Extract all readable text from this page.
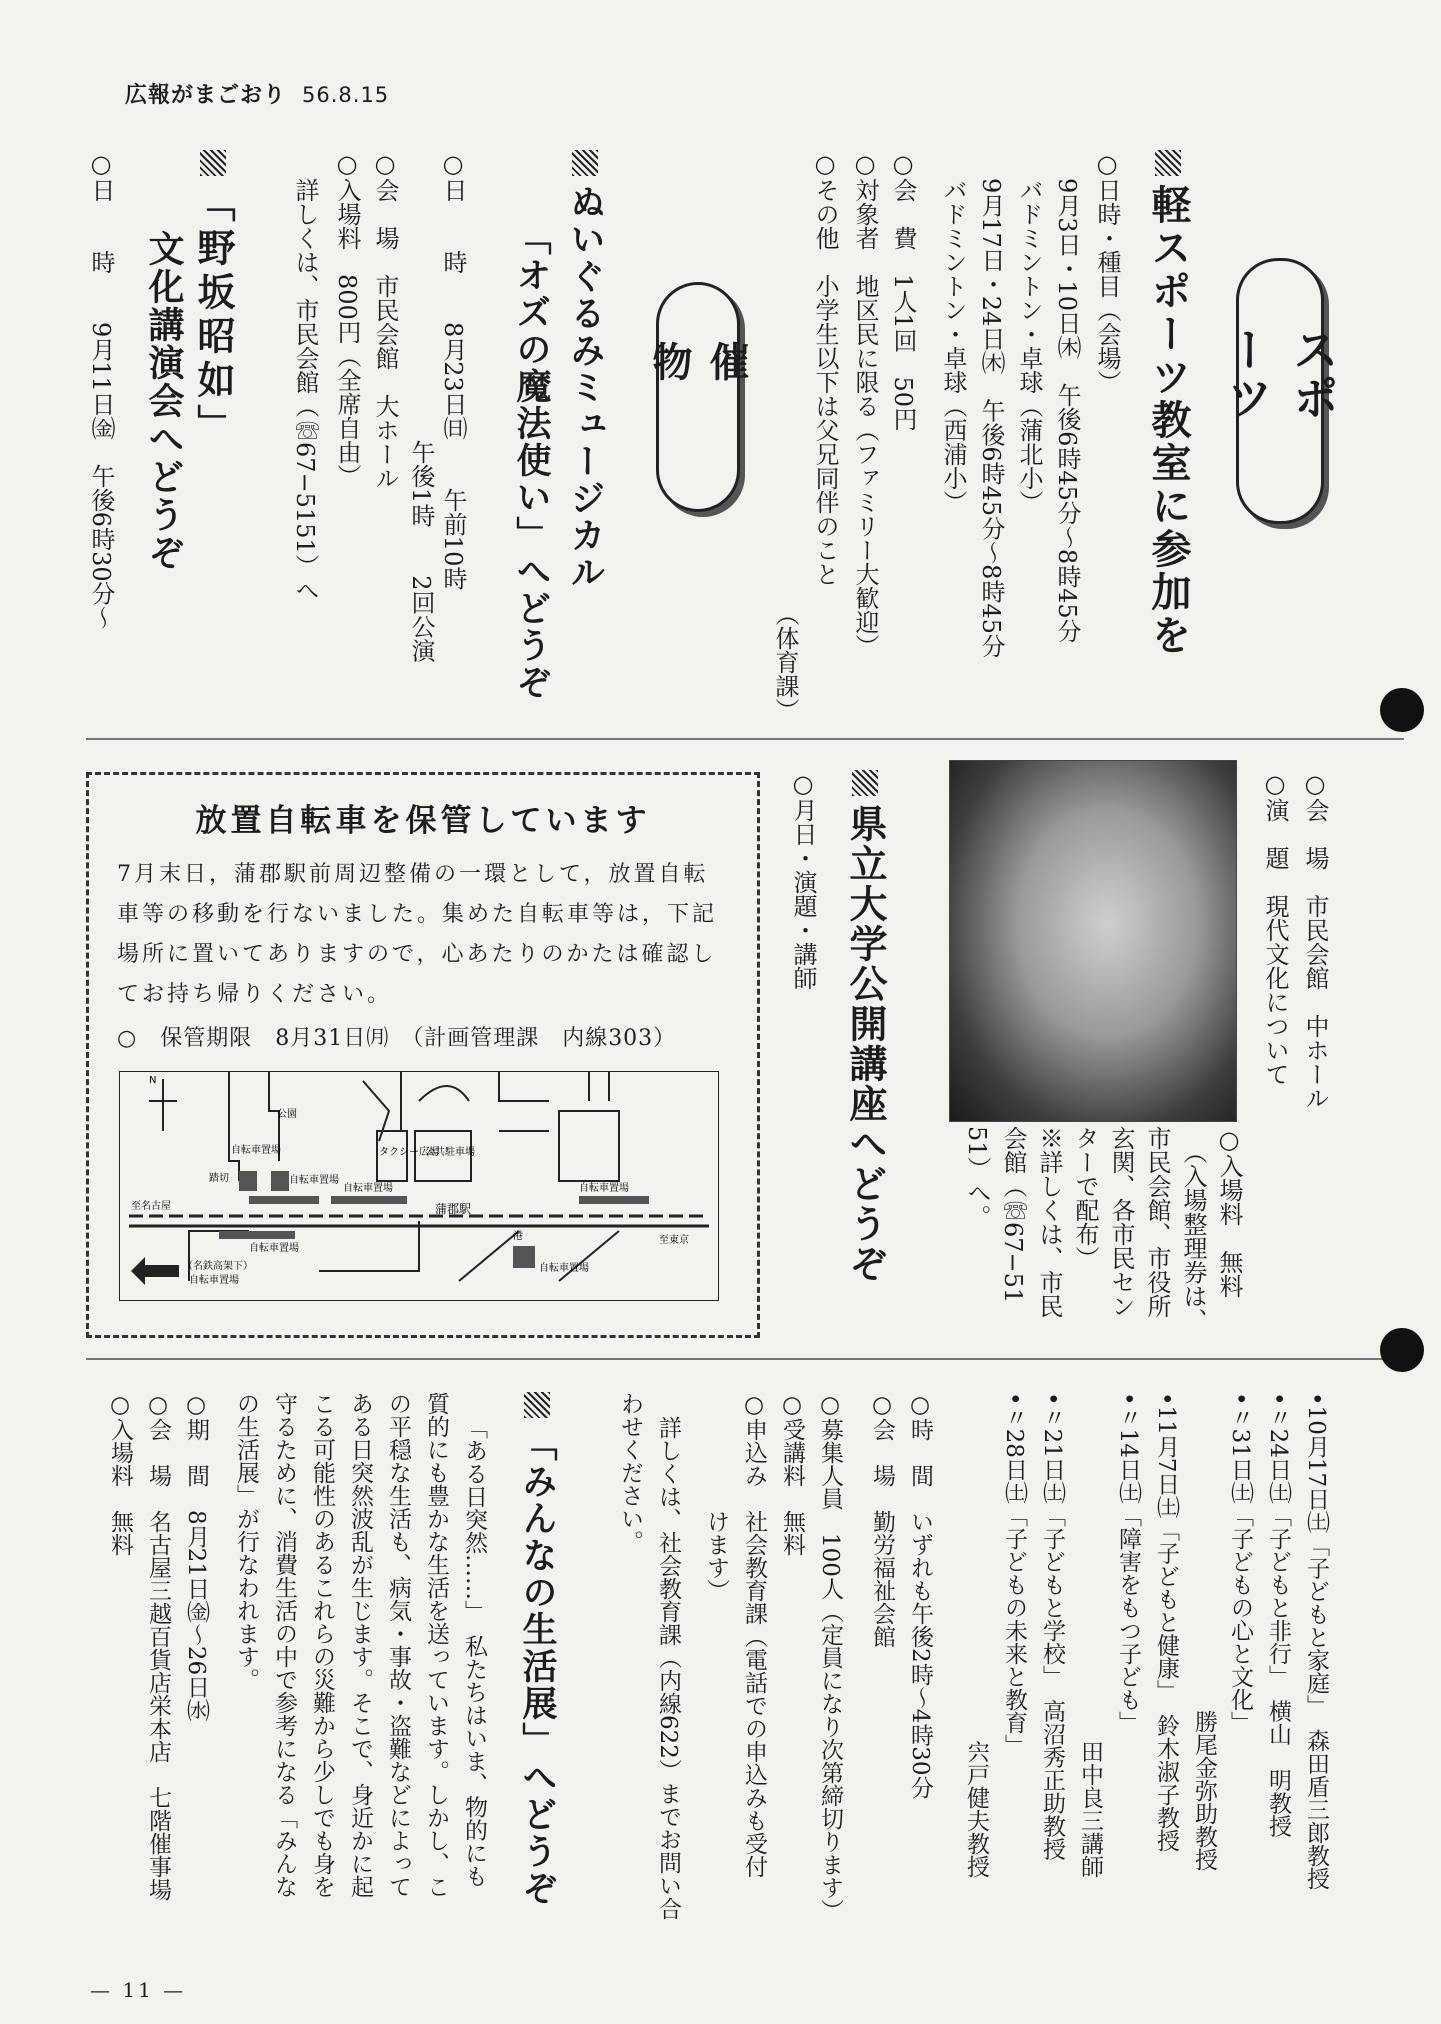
広報がまごおり 56.8.15
スポーツ
軽スポーツ教室に参加を
○日時・種目（会場）
9月3日・10日㈭　午後6時45分〜8時45分
バドミントン・卓球（蒲北小）
9月17日・24日㈭　午後6時45分〜8時45分
バドミントン・卓球（西浦小）
○会　費　1人1回　50円
○対象者　地区民に限る（ファミリー大歓迎）
○その他　小学生以下は父兄同伴のこと
（体育課）
催　物
ぬいぐるみミュージカル
「オズの魔法使い」へどうぞ
○日　　時　　8月23日㈰　　午前10時
午後1時　　2回公演
○会　場　市民会館　大ホール
○入場料　800円（全席自由）
詳しくは、市民会館（☏67−5151）へ
「野坂昭如」
文化講演会へどうぞ
○日　　時　　9月11日㈮　午後6時30分〜
○会　場　市民会館　中ホール
○演　題　現代文化について
○入場料　無料
（入場整理券は、
市民会館、市役所
玄関、各市民セン
ターで配布）
※詳しくは、市民
会館（☏67−51
51）へ。
県立大学公開講座へどうぞ
○月日・演題・講師
放置自転車を保管しています
7月末日，蒲郡駅前周辺整備の一環として，放置自転車等の移動を行ないました。集めた自転車等は，下記場所に置いてありますので，心あたりのかたは確認してお持ち帰りください。
○　保管期限　8月31日㈪　（計画管理課　内線303）
N
公園
自転車置場
自転車置場
自転車置場	自転車置場
自転車置場
自転車置場
踏切
タクシー広場
公共駐車場
蒲郡駅
至名古屋
至東京
（名鉄高架下）
自転車置場
港
•10月17日㈯「子どもと家庭」　森田盾三郎教授
•〃24日㈯「子どもと非行」　横山　明教授
•〃31日㈯「子どもの心と文化」
勝尾金弥助教授
•11月7日㈯「子どもと健康」　鈴木淑子教授
•〃14日㈯「障害をもつ子ども」
田中良三講師
•〃21日㈯「子どもと学校」　高沼秀正助教授
•〃28日㈯「子どもの未来と教育」
宍戸健夫教授
○時　間　いずれも午後2時〜4時30分
○会　場　勤労福祉会館
○募集人員　100人（定員になり次第締切ります）
○受講料　無料
○申込み　社会教育課（電話での申込みも受付
けます）
詳しくは、社会教育課（内線622）までお問い合
わせください。
「みんなの生活展」へどうぞ
「ある日突然……」　私たちはいま、物的にも
質的にも豊かな生活を送っています。しかし、こ
の平穏な生活も、病気・事故・盗難などによって
ある日突然波乱が生じます。そこで、身近かに起
こる可能性のあるこれらの災難から少しでも身を
守るために、消費生活の中で参考になる「みんな
の生活展」が行なわれます。
○期　間　8月21日㈮〜26日㈬
○会　場　名古屋三越百貨店栄本店　七階催事場
○入場料　無料
— 11 —
